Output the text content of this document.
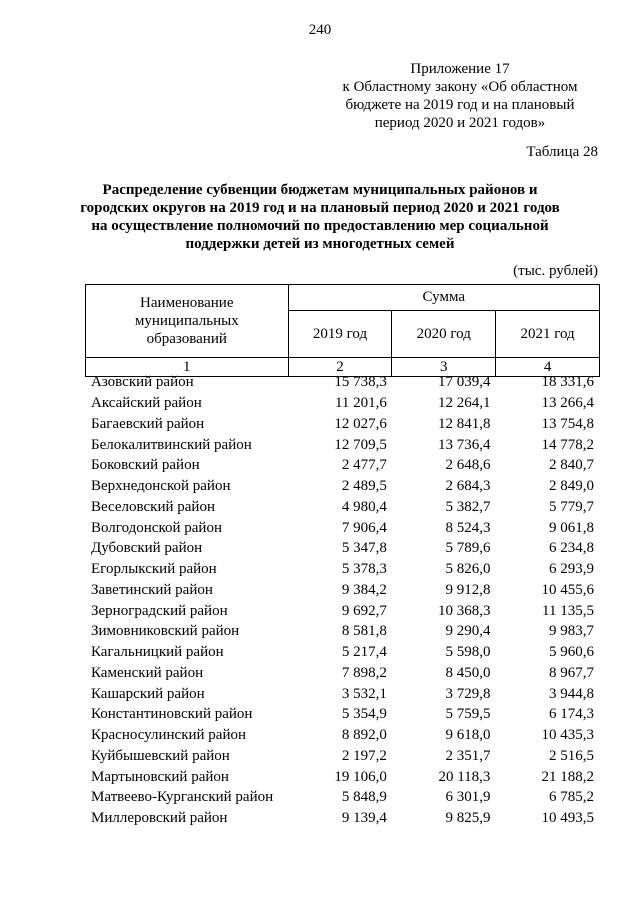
240
Приложение 17
к Областному закону «Об областном
бюджете на 2019 год и на плановый
период 2020 и 2021 годов»
Таблица 28
Распределение субвенции бюджетам муниципальных районов и
городских округов на 2019 год и на плановый период 2020 и 2021 годов
на осуществление полномочий по предоставлению мер социальной
поддержки детей из многодетных семей
(тыс. рублей)
Наименование
муниципальных
образований	Сумма		
	2019 год	2020 год	2021 год
1	2	3	4
Азовский район	15 738,3	17 039,4	18 331,6
Аксайский район	11 201,6	12 264,1	13 266,4
Багаевский район	12 027,6	12 841,8	13 754,8
Белокалитвинский район	12 709,5	13 736,4	14 778,2
Боковский район	2 477,7	2 648,6	2 840,7
Верхнедонской район	2 489,5	2 684,3	2 849,0
Веселовский район	4 980,4	5 382,7	5 779,7
Волгодонской район	7 906,4	8 524,3	9 061,8
Дубовский район	5 347,8	5 789,6	6 234,8
Егорлыкский район	5 378,3	5 826,0	6 293,9
Заветинский район	9 384,2	9 912,8	10 455,6
Зерноградский район	9 692,7	10 368,3	11 135,5
Зимовниковский район	8 581,8	9 290,4	9 983,7
Кагальницкий район	5 217,4	5 598,0	5 960,6
Каменский район	7 898,2	8 450,0	8 967,7
Кашарский район	3 532,1	3 729,8	3 944,8
Константиновский район	5 354,9	5 759,5	6 174,3
Красносулинский район	8 892,0	9 618,0	10 435,3
Куйбышевский район	2 197,2	2 351,7	2 516,5
Мартыновский район	19 106,0	20 118,3	21 188,2
Матвеево-Курганский район	5 848,9	6 301,9	6 785,2
Миллеровский район	9 139,4	9 825,9	10 493,5
